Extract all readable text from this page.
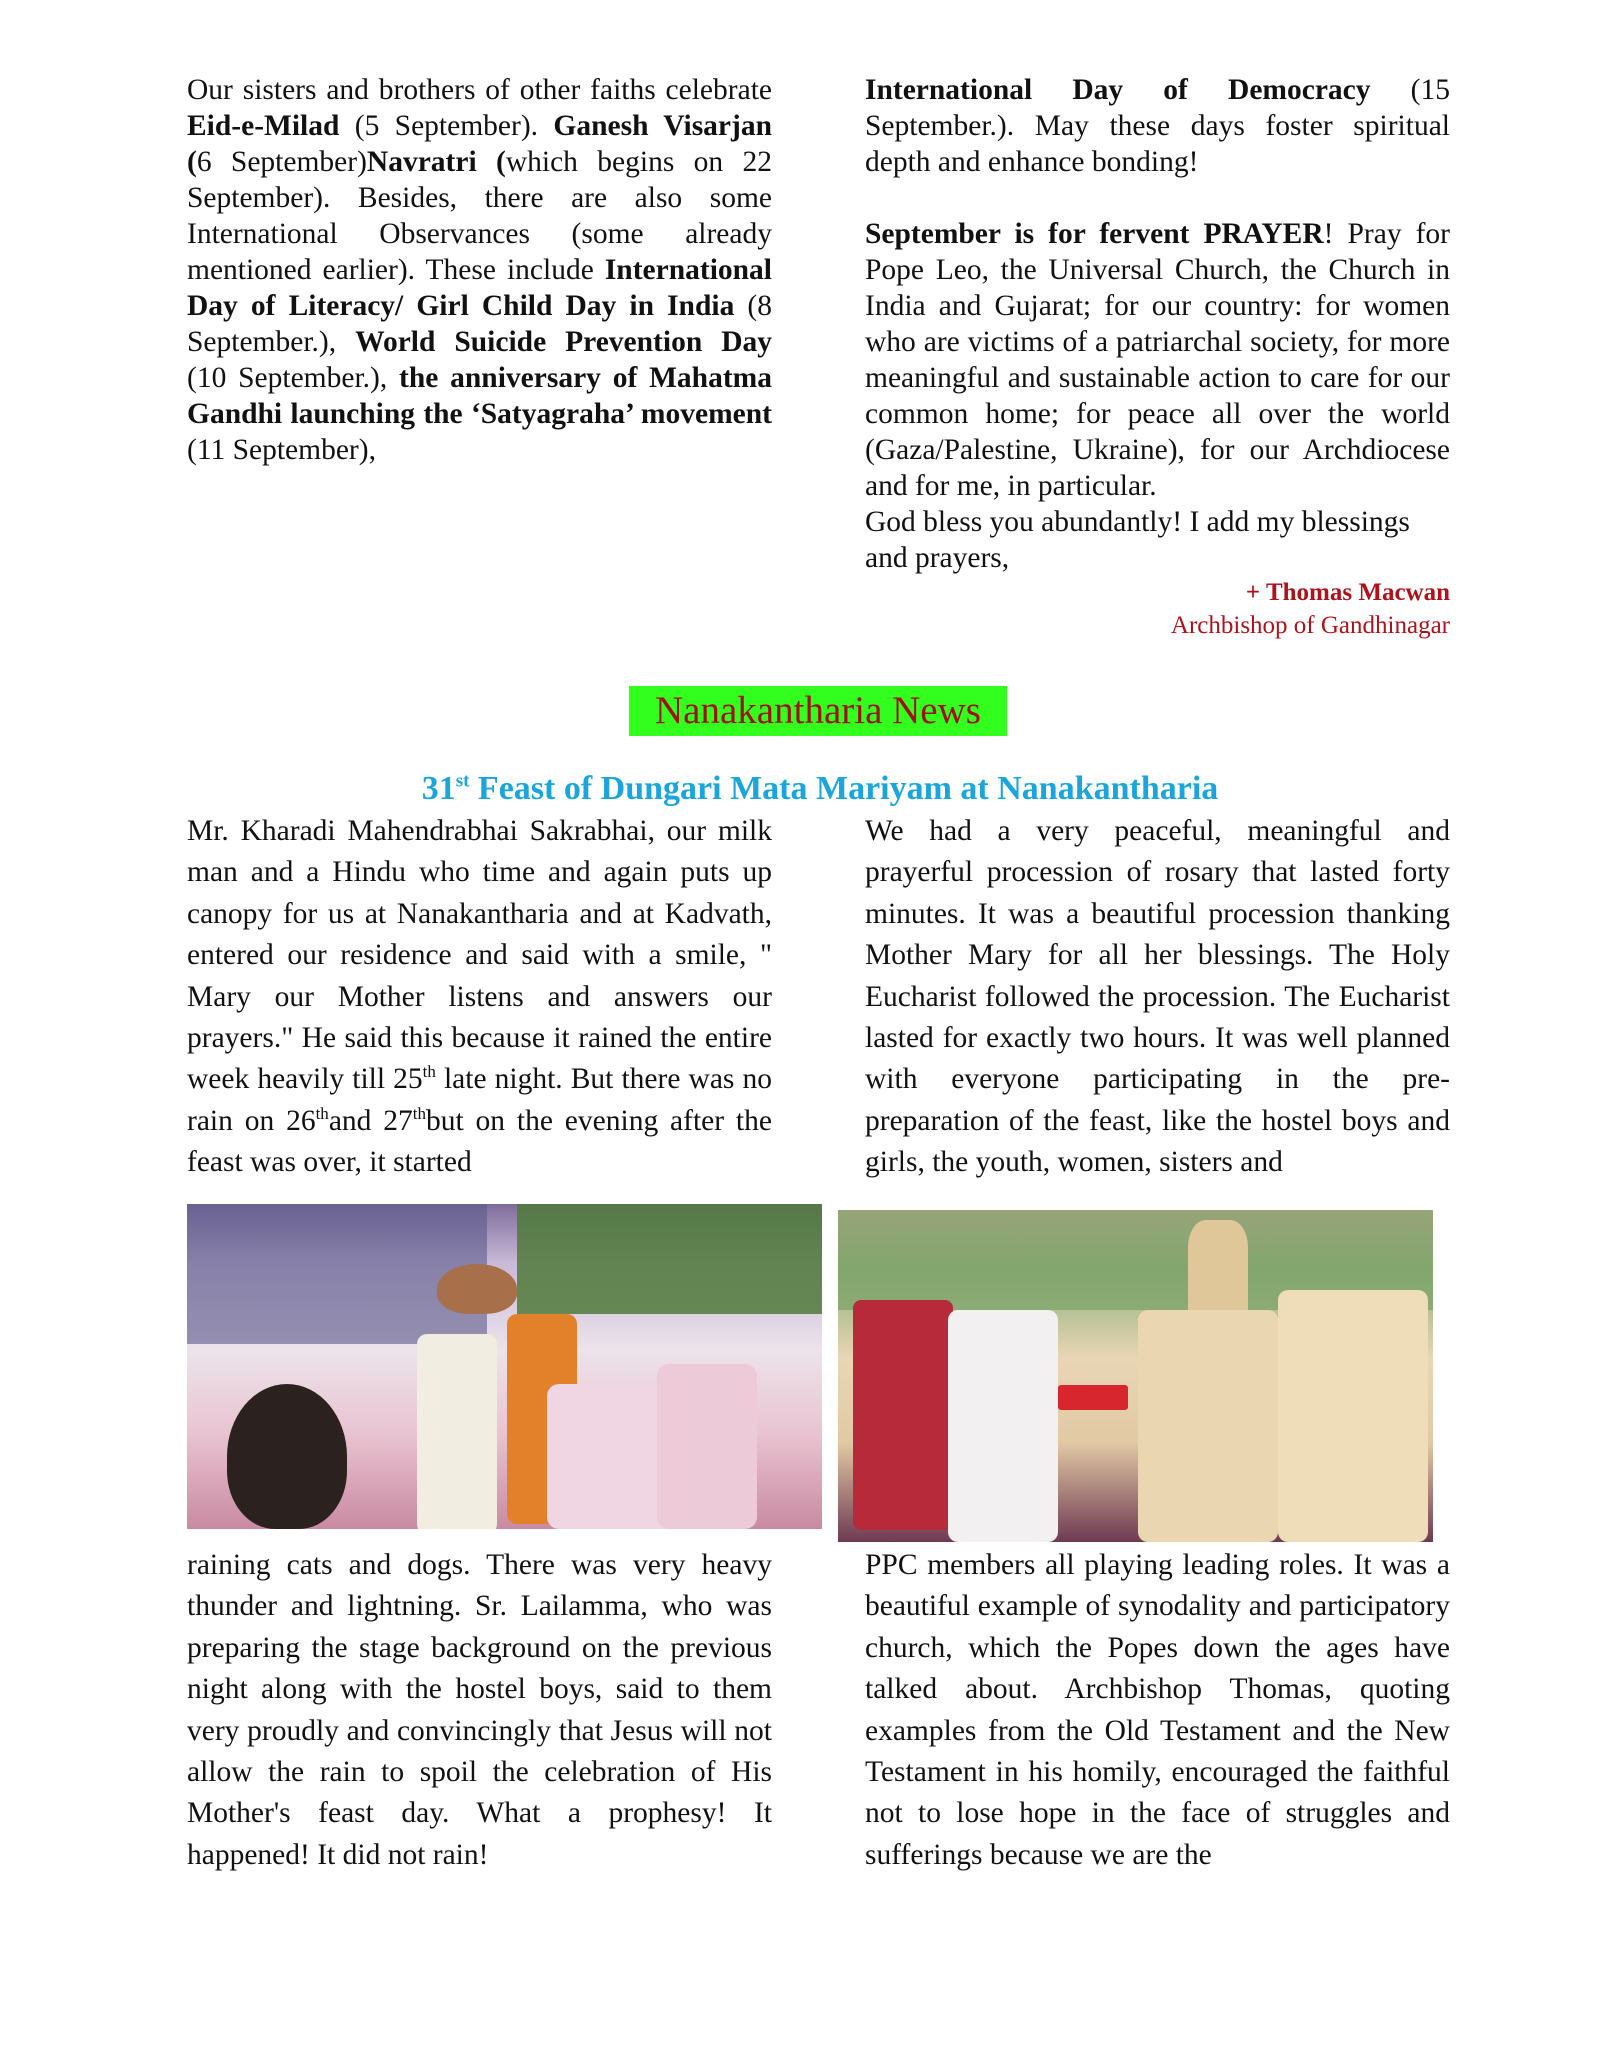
Our sisters and brothers of other faiths celebrate Eid-e-Milad (5 September). Ganesh Visarjan (6 September)Navratri (which begins on 22 September). Besides, there are also some International Observances (some already mentioned earlier). These include International Day of Literacy/ Girl Child Day in India (8 September.), World Suicide Prevention Day (10 September.), the anniversary of Mahatma Gandhi launching the ‘Satyagraha’ movement (11 September),

International Day of Democracy (15 September.). May these days foster spiritual depth and enhance bonding!

September is for fervent PRAYER! Pray for Pope Leo, the Universal Church, the Church in India and Gujarat; for our country: for women who are victims of a patriarchal society, for more meaningful and sustainable action to care for our common home; for peace all over the world (Gaza/Palestine, Ukraine), for our Archdiocese and for me, in particular.

God bless you abundantly! I add my blessings and prayers,

+ Thomas Macwan
Archbishop of Gandhinagar
Nanakantharia News
31st Feast of Dungari Mata Mariyam at Nanakantharia

Mr. Kharadi Mahendrabhai Sakrabhai, our milk man and a Hindu who time and again puts up canopy for us at Nanakantharia and at Kadvath, entered our residence and said with a smile, " Mary our Mother listens and answers our prayers." He said this because it rained the entire week heavily till 25th late night. But there was no rain on 26thand 27thbut on the evening after the feast was over, it started

We had a very peaceful, meaningful and prayerful procession of rosary that lasted forty minutes. It was a beautiful procession thanking Mother Mary for all her blessings. The Holy Eucharist followed the procession. The Eucharist lasted for exactly two hours. It was well planned with everyone participating in the pre-preparation of the feast, like the hostel boys and girls, the youth, women, sisters and

raining cats and dogs. There was very heavy thunder and lightning. Sr. Lailamma, who was preparing the stage background on the previous night along with the hostel boys, said to them very proudly and convincingly that Jesus will not allow the rain to spoil the celebration of His Mother's feast day. What a prophesy! It happened! It did not rain!

PPC members all playing leading roles. It was a beautiful example of synodality and participatory church, which the Popes down the ages have talked about. Archbishop Thomas, quoting examples from the Old Testament and the New Testament in his homily, encouraged the faithful not to lose hope in the face of struggles and sufferings because we are the
